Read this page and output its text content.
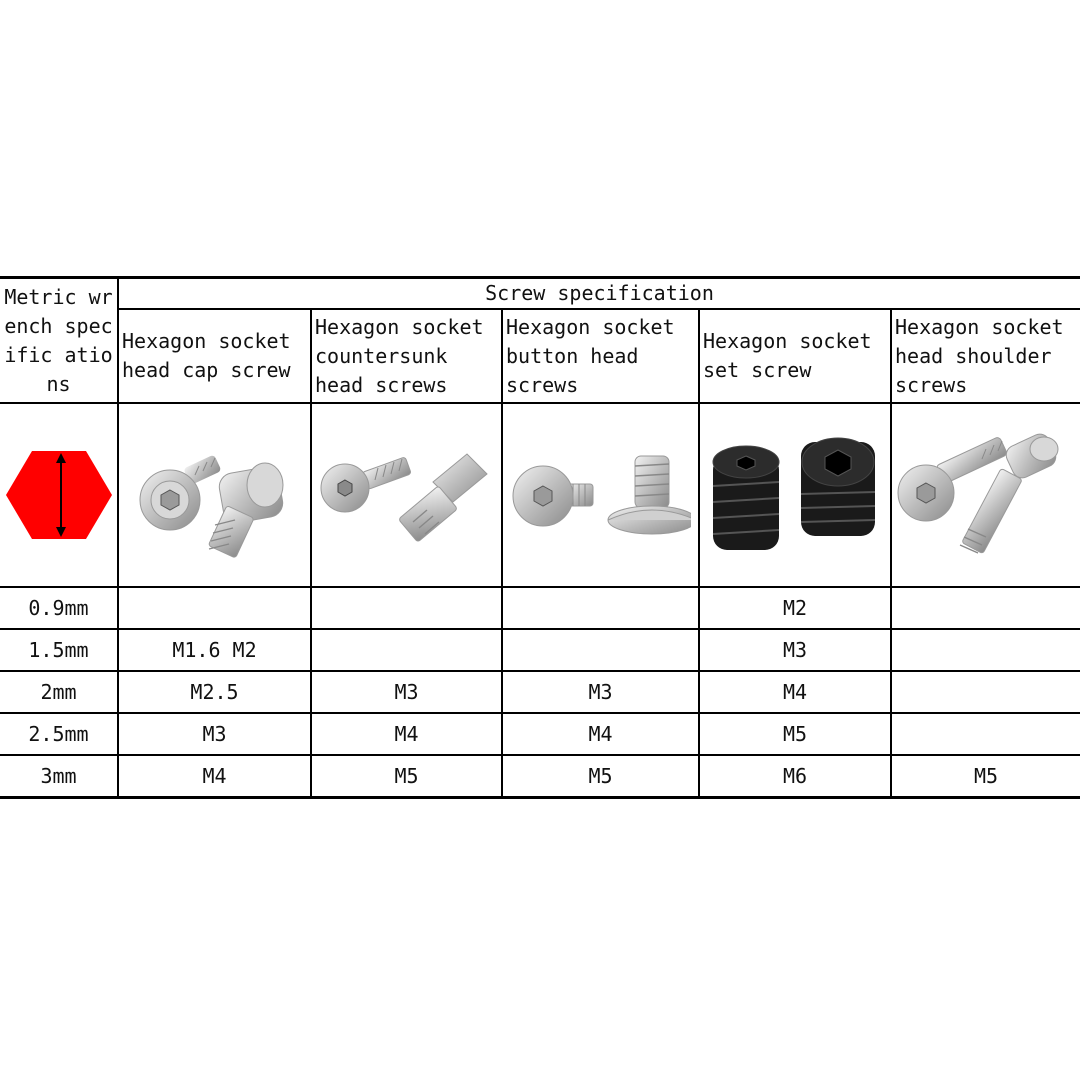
Metric wrench specific ations	Screw specification				
	Hexagon socket head cap screw	Hexagon socket countersunk head screws	Hexagon socket button head screws	Hexagon socket set screw	Hexagon socket head shoulder screws

0.9mm				M2	
1.5mm	M1.6 M2			M3	
2mm	M2.5	M3	M3	M4	
2.5mm	M3	M4	M4	M5	
3mm	M4	M5	M5	M6	M5
